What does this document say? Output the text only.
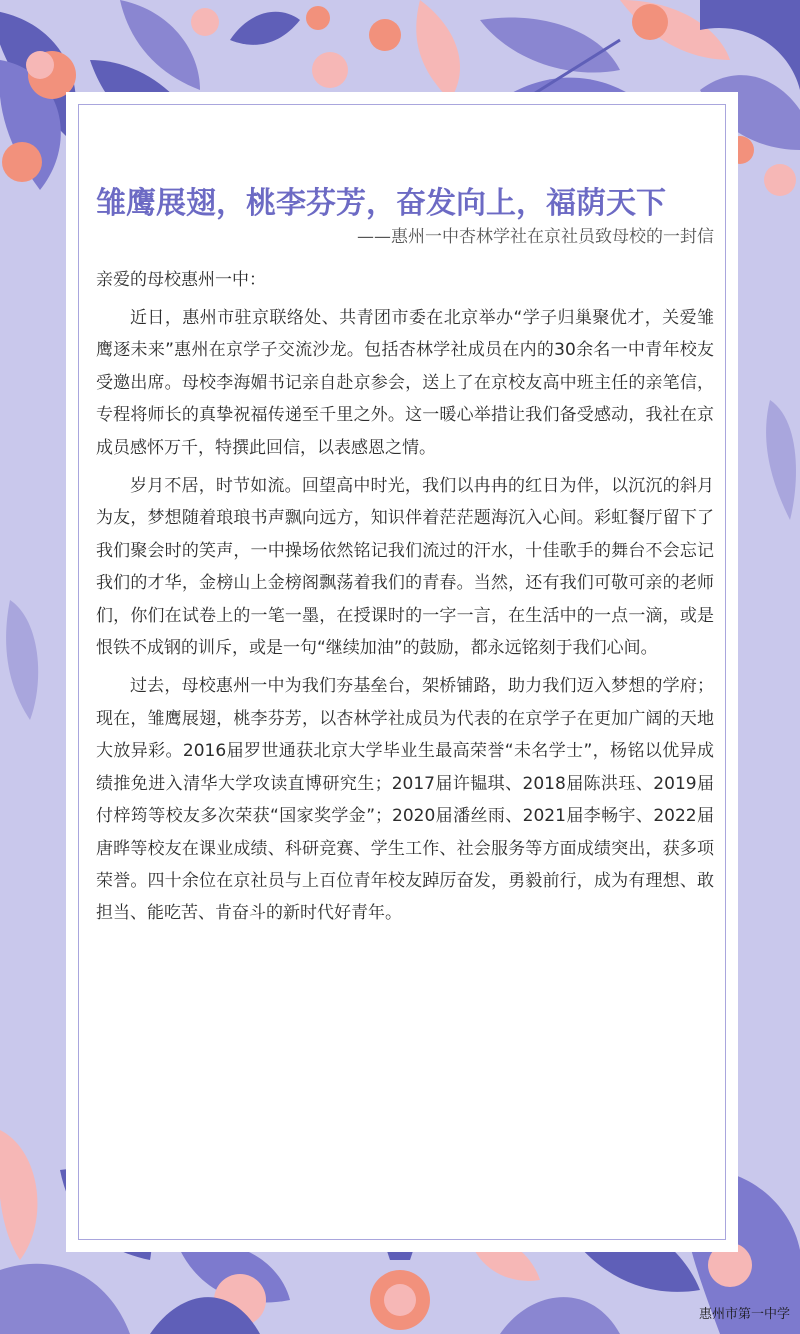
雏鹰展翅，桃李芬芳，奋发向上，福荫天下

——惠州一中杏林学社在京社员致母校的一封信

亲爱的母校惠州一中：

近日，惠州市驻京联络处、共青团市委在北京举办“学子归巢聚优才，关爱雏鹰逐未来”惠州在京学子交流沙龙。包括杏林学社成员在内的30余名一中青年校友受邀出席。母校李海媚书记亲自赴京参会，送上了在京校友高中班主任的亲笔信，专程将师长的真挚祝福传递至千里之外。这一暖心举措让我们备受感动，我社在京成员感怀万千，特撰此回信，以表感恩之情。

岁月不居，时节如流。回望高中时光，我们以冉冉的红日为伴，以沉沉的斜月为友，梦想随着琅琅书声飘向远方，知识伴着茫茫题海沉入心间。彩虹餐厅留下了我们聚会时的笑声，一中操场依然铭记我们流过的汗水，十佳歌手的舞台不会忘记我们的才华，金榜山上金榜阁飘荡着我们的青春。当然，还有我们可敬可亲的老师们，你们在试卷上的一笔一墨，在授课时的一字一言，在生活中的一点一滴，或是恨铁不成钢的训斥，或是一句“继续加油”的鼓励，都永远铭刻于我们心间。

过去，母校惠州一中为我们夯基垒台，架桥铺路，助力我们迈入梦想的学府；现在，雏鹰展翅，桃李芬芳，以杏林学社成员为代表的在京学子在更加广阔的天地大放异彩。2016届罗世通获北京大学毕业生最高荣誉“未名学士”，杨铭以优异成绩推免进入清华大学攻读直博研究生；2017届许韫琪、2018届陈洪珏、2019届付梓筠等校友多次荣获“国家奖学金”；2020届潘丝雨、2021届李畅宇、2022届唐晔等校友在课业成绩、科研竞赛、学生工作、社会服务等方面成绩突出，获多项荣誉。四十余位在京社员与上百位青年校友踔厉奋发，勇毅前行，成为有理想、敢担当、能吃苦、肯奋斗的新时代好青年。

惠州市第一中学
